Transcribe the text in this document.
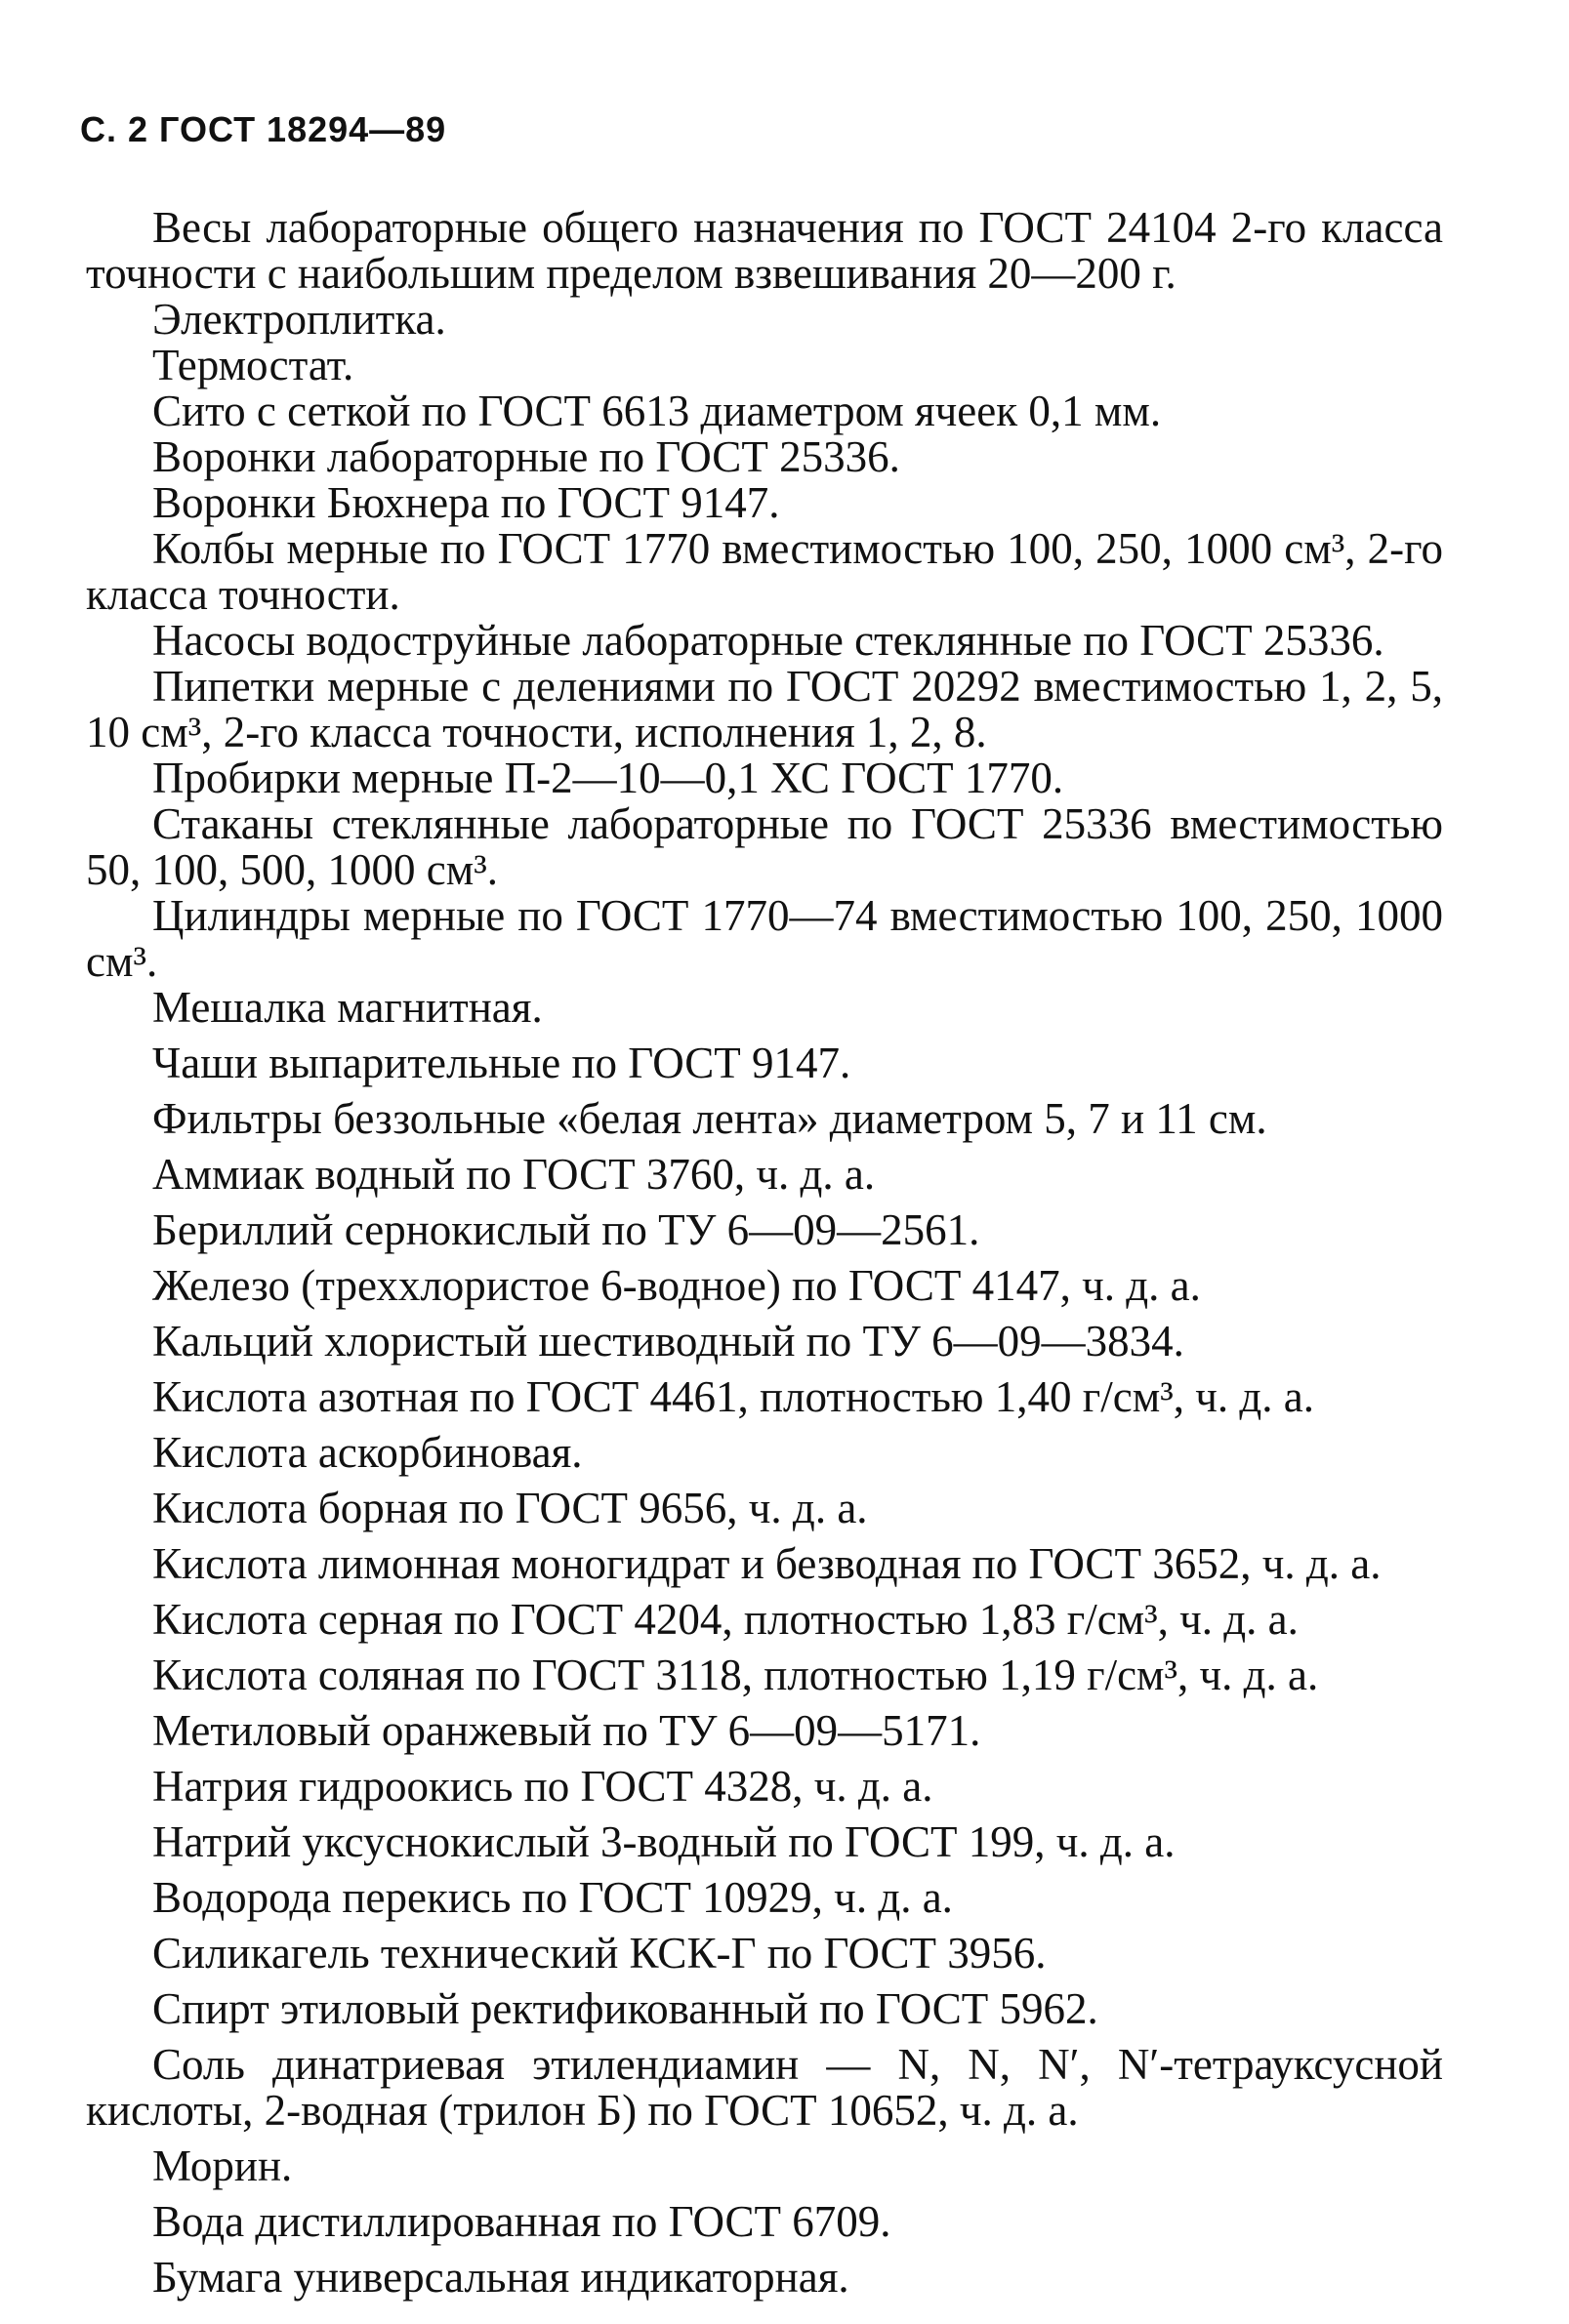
С. 2 ГОСТ 18294—89

Весы лабораторные общего назначения по ГОСТ 24104 2-го класса точности с наибольшим пределом взвешивания 20—200 г.

Электроплитка.

Термостат.

Сито с сеткой по ГОСТ 6613 диаметром ячеек 0,1 мм.

Воронки лабораторные по ГОСТ 25336.

Воронки Бюхнера по ГОСТ 9147.

Колбы мерные по ГОСТ 1770 вместимостью 100, 250, 1000 см³, 2-го класса точности.

Насосы водоструйные лабораторные стеклянные по ГОСТ 25336.

Пипетки мерные с делениями по ГОСТ 20292 вместимостью 1, 2, 5, 10 см³, 2-го класса точности, исполнения 1, 2, 8.

Пробирки мерные П-2—10—0,1 ХС ГОСТ 1770.

Стаканы стеклянные лабораторные по ГОСТ 25336 вместимостью 50, 100, 500, 1000 см³.

Цилиндры мерные по ГОСТ 1770—74 вместимостью 100, 250, 1000 см³.

Мешалка магнитная.

Чаши выпарительные по ГОСТ 9147.

Фильтры беззольные «белая лента» диаметром 5, 7 и 11 см.

Аммиак водный по ГОСТ 3760, ч. д. а.

Бериллий сернокислый по ТУ 6—09—2561.

Железо (треххлористое 6-водное) по ГОСТ 4147, ч. д. а.

Кальций хлористый шестиводный по ТУ 6—09—3834.

Кислота азотная по ГОСТ 4461, плотностью 1,40 г/см³, ч. д. а.

Кислота аскорбиновая.

Кислота борная по ГОСТ 9656, ч. д. а.

Кислота лимонная моногидрат и безводная по ГОСТ 3652, ч. д. а.

Кислота серная по ГОСТ 4204, плотностью 1,83 г/см³, ч. д. а.

Кислота соляная по ГОСТ 3118, плотностью 1,19 г/см³, ч. д. а.

Метиловый оранжевый по ТУ 6—09—5171.

Натрия гидроокись по ГОСТ 4328, ч. д. а.

Натрий уксуснокислый 3-водный по ГОСТ 199, ч. д. а.

Водорода перекись по ГОСТ 10929, ч. д. а.

Силикагель технический КСК-Г по ГОСТ 3956.

Спирт этиловый ректификованный по ГОСТ 5962.

Соль динатриевая этилендиамин — N, N, N′, N′-тетрауксусной кислоты, 2-водная (трилон Б) по ГОСТ 10652, ч. д. а.

Морин.

Вода дистиллированная по ГОСТ 6709.

Бумага универсальная индикаторная.
